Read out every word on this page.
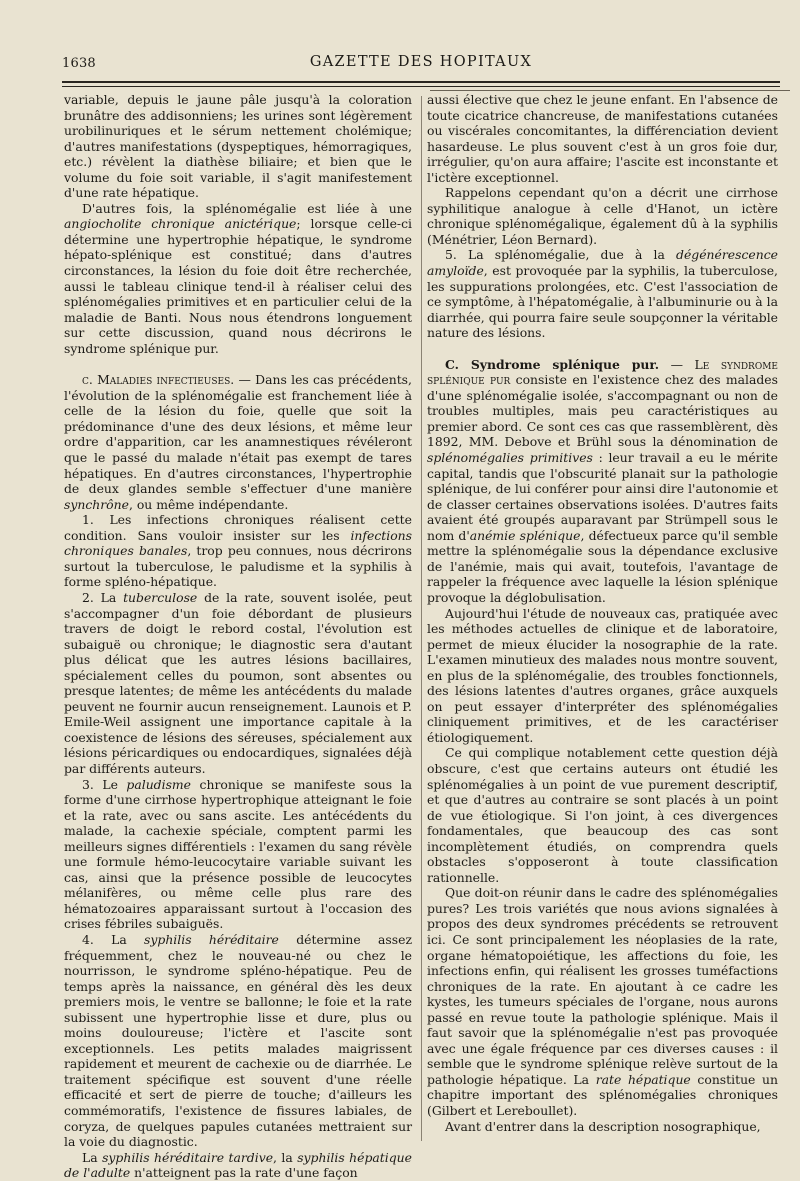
1638	GAZETTE DES HOPITAUX

variable, depuis le jaune pâle jusqu'à la coloration brunâtre des addisonniens; les urines sont légèrement urobilinuriques et le sérum nettement cholémique; d'autres manifestations (dyspeptiques, hémorragiques, etc.) révèlent la diathèse biliaire; et bien que le volume du foie soit variable, il s'agit manifestement d'une rate hépatique.

D'autres fois, la splénomégalie est liée à une angiocholite chronique anictérique; lorsque celle-ci détermine une hypertrophie hépatique, le syndrome hépato-splénique est constitué; dans d'autres circonstances, la lésion du foie doit être recherchée, aussi le tableau clinique tend-il à réaliser celui des splénomégalies primitives et en particulier celui de la maladie de Banti. Nous nous étendrons longuement sur cette discussion, quand nous décrirons le syndrome splénique pur.

c. Maladies infectieuses. — Dans les cas précédents, l'évolution de la splénomégalie est franchement liée à celle de la lésion du foie, quelle que soit la prédominance d'une des deux lésions, et même leur ordre d'apparition, car les anamnestiques révéleront que le passé du malade n'était pas exempt de tares hépatiques. En d'autres circonstances, l'hypertrophie de deux glandes semble s'effectuer d'une manière synchrône, ou même indépendante.

1. Les infections chroniques réalisent cette condition. Sans vouloir insister sur les infections chroniques banales, trop peu connues, nous décrirons surtout la tuberculose, le paludisme et la syphilis à forme spléno-hépatique.

2. La tuberculose de la rate, souvent isolée, peut s'accompagner d'un foie débordant de plusieurs travers de doigt le rebord costal, l'évolution est subaiguë ou chronique; le diagnostic sera d'autant plus délicat que les autres lésions bacillaires, spécialement celles du poumon, sont absentes ou presque latentes; de même les antécédents du malade peuvent ne fournir aucun renseignement. Launois et P. Emile-Weil assignent une importance capitale à la coexistence de lésions des séreuses, spécialement aux lésions péricardiques ou endocardiques, signalées déjà par différents auteurs.

3. Le paludisme chronique se manifeste sous la forme d'une cirrhose hypertrophique atteignant le foie et la rate, avec ou sans ascite. Les antécédents du malade, la cachexie spéciale, comptent parmi les meilleurs signes différentiels : l'examen du sang révèle une formule hémo-leucocytaire variable suivant les cas, ainsi que la présence possible de leucocytes mélanifères, ou même celle plus rare des hématozoaires apparaissant surtout à l'occasion des crises fébriles subaiguës.

4. La syphilis héréditaire détermine assez fréquemment, chez le nouveau-né ou chez le nourrisson, le syndrome spléno-hépatique. Peu de temps après la naissance, en général dès les deux premiers mois, le ventre se ballonne; le foie et la rate subissent une hypertrophie lisse et dure, plus ou moins douloureuse; l'ictère et l'ascite sont exceptionnels. Les petits malades maigrissent rapidement et meurent de cachexie ou de diarrhée. Le traitement spécifique est souvent d'une réelle efficacité et sert de pierre de touche; d'ailleurs les commémoratifs, l'existence de fissures labiales, de coryza, de quelques papules cutanées mettraient sur la voie du diagnostic.

La syphilis héréditaire tardive, la syphilis hépatique de l'adulte n'atteignent pas la rate d'une façon

aussi élective que chez le jeune enfant. En l'absence de toute cicatrice chancreuse, de manifestations cutanées ou viscérales concomitantes, la différenciation devient hasardeuse. Le plus souvent c'est à un gros foie dur, irrégulier, qu'on aura affaire; l'ascite est inconstante et l'ictère exceptionnel.

Rappelons cependant qu'on a décrit une cirrhose syphilitique analogue à celle d'Hanot, un ictère chronique splénomégalique, également dû à la syphilis (Ménétrier, Léon Bernard).

5. La splénomégalie, due à la dégénérescence amyloïde, est provoquée par la syphilis, la tuberculose, les suppurations prolongées, etc. C'est l'association de ce symptôme, à l'hépatomégalie, à l'albuminurie ou à la diarrhée, qui pourra faire seule soupçonner la véritable nature des lésions.

C. Syndrome splénique pur. — Le syndrome splénique pur consiste en l'existence chez des malades d'une splénomégalie isolée, s'accompagnant ou non de troubles multiples, mais peu caractéristiques au premier abord. Ce sont ces cas que rassemblèrent, dès 1892, MM. Debove et Brühl sous la dénomination de splénomégalies primitives : leur travail a eu le mérite capital, tandis que l'obscurité planait sur la pathologie splénique, de lui conférer pour ainsi dire l'autonomie et de classer certaines observations isolées. D'autres faits avaient été groupés auparavant par Strümpell sous le nom d'anémie splénique, défectueux parce qu'il semble mettre la splénomégalie sous la dépendance exclusive de l'anémie, mais qui avait, toutefois, l'avantage de rappeler la fréquence avec laquelle la lésion splénique provoque la déglobulisation.

Aujourd'hui l'étude de nouveaux cas, pratiquée avec les méthodes actuelles de clinique et de laboratoire, permet de mieux élucider la nosographie de la rate. L'examen minutieux des malades nous montre souvent, en plus de la splénomégalie, des troubles fonctionnels, des lésions latentes d'autres organes, grâce auxquels on peut essayer d'interpréter des splénomégalies cliniquement primitives, et de les caractériser étiologiquement.

Ce qui complique notablement cette question déjà obscure, c'est que certains auteurs ont étudié les splénomégalies à un point de vue purement descriptif, et que d'autres au contraire se sont placés à un point de vue étiologique. Si l'on joint, à ces divergences fondamentales, que beaucoup des cas sont incomplètement étudiés, on comprendra quels obstacles s'opposeront à toute classification rationnelle.

Que doit-on réunir dans le cadre des splénomégalies pures? Les trois variétés que nous avions signalées à propos des deux syndromes précédents se retrouvent ici. Ce sont principalement les néoplasies de la rate, organe hématopoiétique, les affections du foie, les infections enfin, qui réalisent les grosses tuméfactions chroniques de la rate. En ajoutant à ce cadre les kystes, les tumeurs spéciales de l'organe, nous aurons passé en revue toute la pathologie splénique. Mais il faut savoir que la splénomégalie n'est pas provoquée avec une égale fréquence par ces diverses causes : il semble que le syndrome splénique relève surtout de la pathologie hépatique. La rate hépatique constitue un chapitre important des splénomégalies chroniques (Gilbert et Lereboullet).

Avant d'entrer dans la description nosographique,
